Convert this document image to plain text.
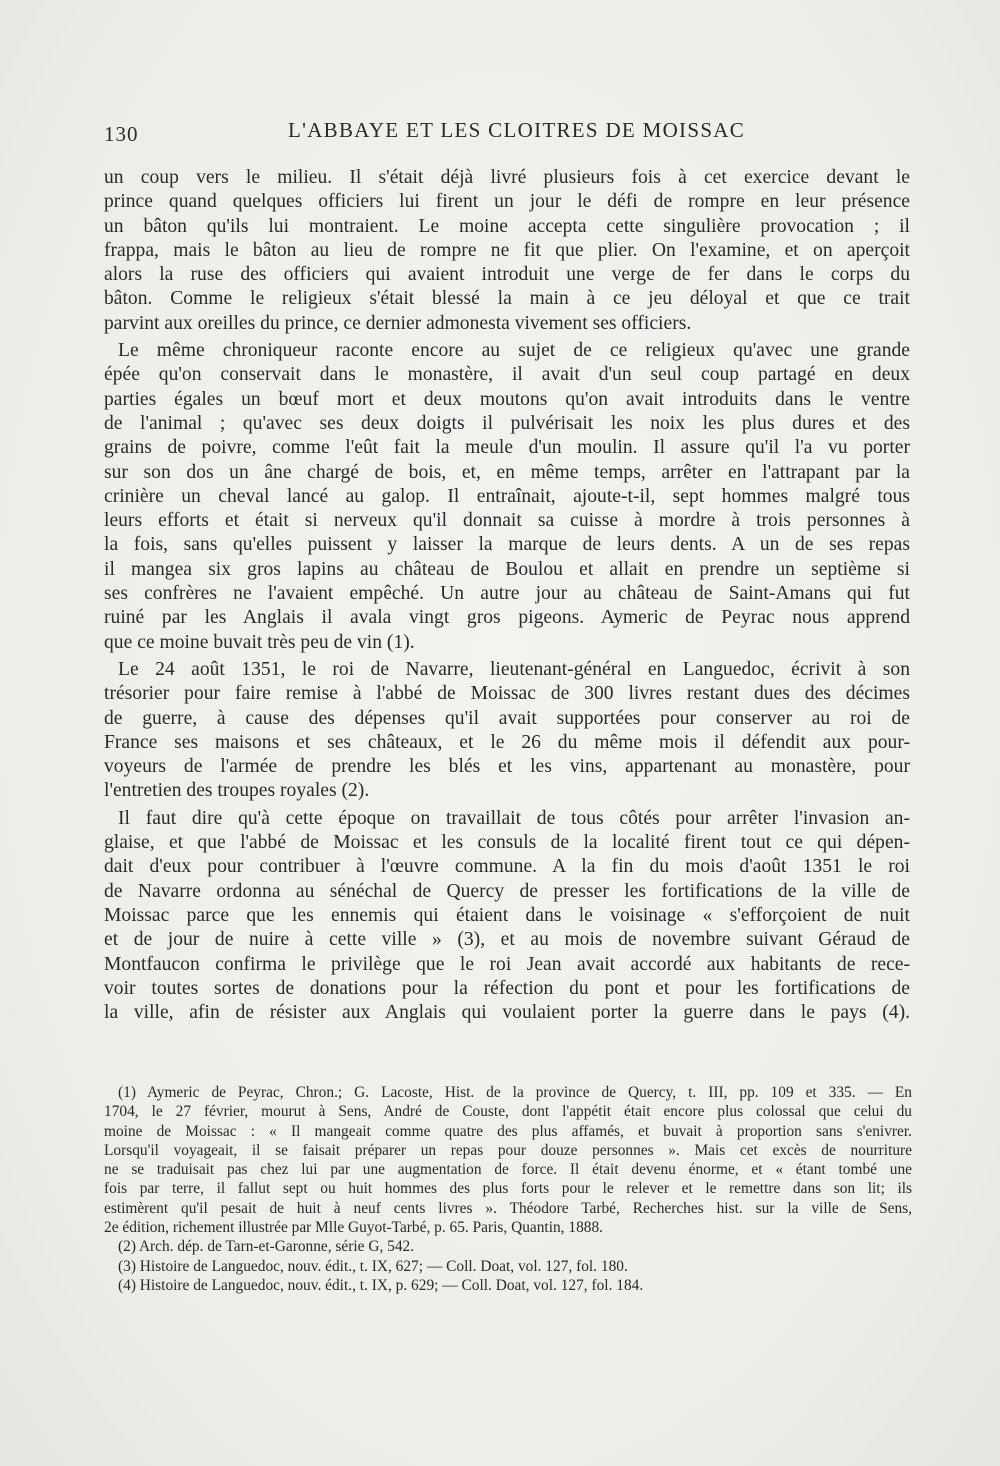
130	L'ABBAYE ET LES CLOITRES DE MOISSAC
un coup vers le milieu. Il s'était déjà livré plusieurs fois à cet exercice devant le
prince quand quelques officiers lui firent un jour le défi de rompre en leur présence
un bâton qu'ils lui montraient. Le moine accepta cette singulière provocation ; il
frappa, mais le bâton au lieu de rompre ne fit que plier. On l'examine, et on aperçoit
alors la ruse des officiers qui avaient introduit une verge de fer dans le corps du
bâton. Comme le religieux s'était blessé la main à ce jeu déloyal et que ce trait
parvint aux oreilles du prince, ce dernier admonesta vivement ses officiers.
Le même chroniqueur raconte encore au sujet de ce religieux qu'avec une grande
épée qu'on conservait dans le monastère, il avait d'un seul coup partagé en deux
parties égales un bœuf mort et deux moutons qu'on avait introduits dans le ventre
de l'animal ; qu'avec ses deux doigts il pulvérisait les noix les plus dures et des
grains de poivre, comme l'eût fait la meule d'un moulin. Il assure qu'il l'a vu porter
sur son dos un âne chargé de bois, et, en même temps, arrêter en l'attrapant par la
crinière un cheval lancé au galop. Il entraînait, ajoute-t-il, sept hommes malgré tous
leurs efforts et était si nerveux qu'il donnait sa cuisse à mordre à trois personnes à
la fois, sans qu'elles puissent y laisser la marque de leurs dents. A un de ses repas
il mangea six gros lapins au château de Boulou et allait en prendre un septième si
ses confrères ne l'avaient empêché. Un autre jour au château de Saint-Amans qui fut
ruiné par les Anglais il avala vingt gros pigeons. Aymeric de Peyrac nous apprend
que ce moine buvait très peu de vin (1).
Le 24 août 1351, le roi de Navarre, lieutenant-général en Languedoc, écrivit à son
trésorier pour faire remise à l'abbé de Moissac de 300 livres restant dues des décimes
de guerre, à cause des dépenses qu'il avait supportées pour conserver au roi de
France ses maisons et ses châteaux, et le 26 du même mois il défendit aux pour-
voyeurs de l'armée de prendre les blés et les vins, appartenant au monastère, pour
l'entretien des troupes royales (2).
Il faut dire qu'à cette époque on travaillait de tous côtés pour arrêter l'invasion an-
glaise, et que l'abbé de Moissac et les consuls de la localité firent tout ce qui dépen-
dait d'eux pour contribuer à l'œuvre commune. A la fin du mois d'août 1351 le roi
de Navarre ordonna au sénéchal de Quercy de presser les fortifications de la ville de
Moissac parce que les ennemis qui étaient dans le voisinage « s'efforçoient de nuit
et de jour de nuire à cette ville » (3), et au mois de novembre suivant Géraud de
Montfaucon confirma le privilège que le roi Jean avait accordé aux habitants de rece-
voir toutes sortes de donations pour la réfection du pont et pour les fortifications de
la ville, afin de résister aux Anglais qui voulaient porter la guerre dans le pays (4).
(1) Aymeric de Peyrac, Chron.; G. Lacoste, Hist. de la province de Quercy, t. III, pp. 109 et 335. — En
1704, le 27 février, mourut à Sens, André de Couste, dont l'appétit était encore plus colossal que celui du
moine de Moissac : « Il mangeait comme quatre des plus affamés, et buvait à proportion sans s'enivrer.
Lorsqu'il voyageait, il se faisait préparer un repas pour douze personnes ». Mais cet excès de nourriture
ne se traduisait pas chez lui par une augmentation de force. Il était devenu énorme, et « étant tombé une
fois par terre, il fallut sept ou huit hommes des plus forts pour le relever et le remettre dans son lit; ils
estimèrent qu'il pesait de huit à neuf cents livres ». Théodore Tarbé, Recherches hist. sur la ville de Sens,
2e édition, richement illustrée par Mlle Guyot-Tarbé, p. 65. Paris, Quantin, 1888.
(2) Arch. dép. de Tarn-et-Garonne, série G, 542.
(3) Histoire de Languedoc, nouv. édit., t. IX, 627; — Coll. Doat, vol. 127, fol. 180.
(4) Histoire de Languedoc, nouv. édit., t. IX, p. 629; — Coll. Doat, vol. 127, fol. 184.
